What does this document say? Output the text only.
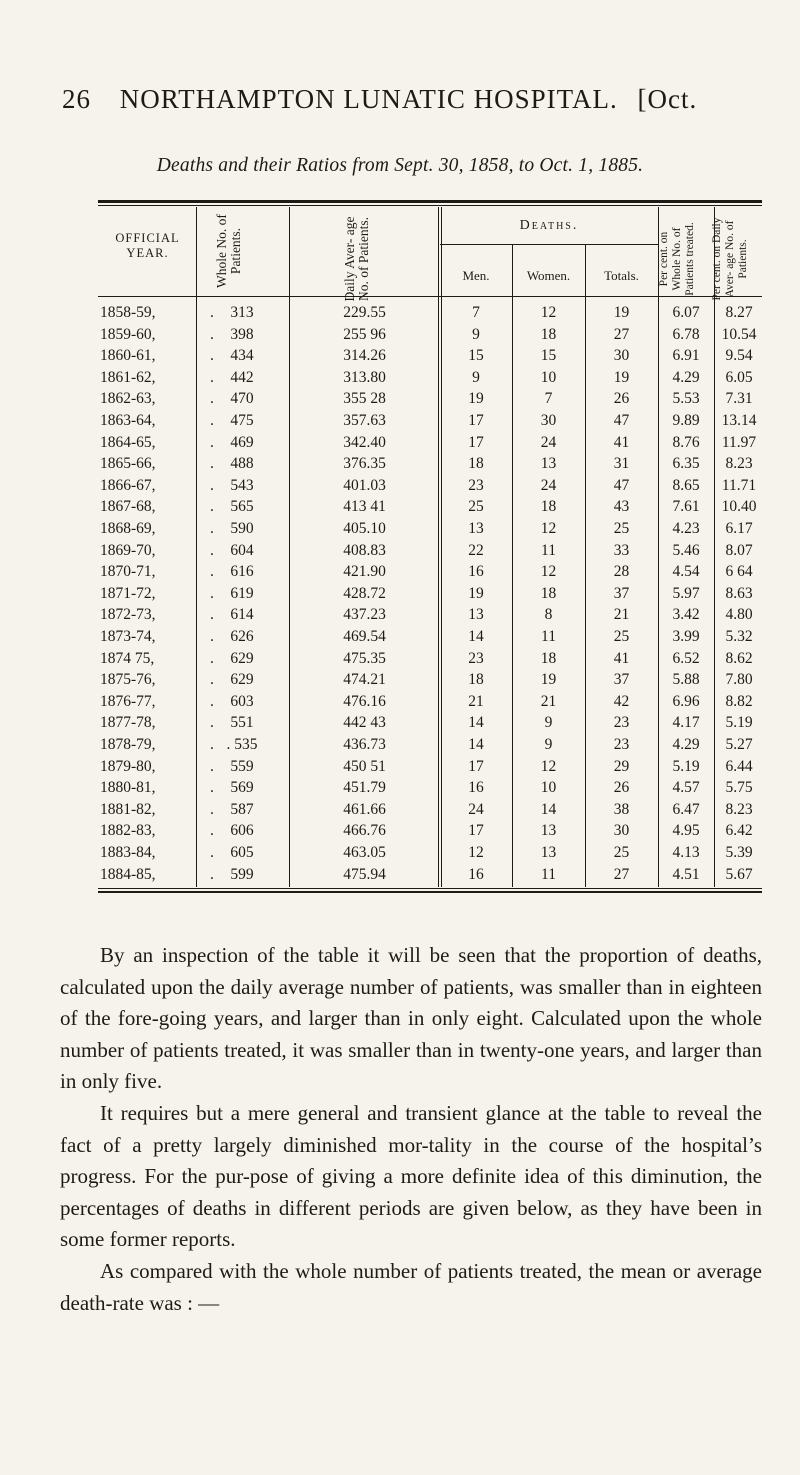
26 NORTHAMPTON LUNATIC HOSPITAL. [Oct.
Deaths and their Ratios from Sept. 30, 1858, to Oct. 1, 1885.
OFFICIAL YEAR.	Whole No. of Patients.	Daily Aver- age No. of Patients.	Deaths.
Men.	Women.	Totals.	Per cent. on Whole No. of Patients treated.	Per cent. on Daily Aver- age No. of Patients.
1858-59,	.	313	229.55	7	12	19	6.07	8.27
1859-60,	.	398	255 96	9	18	27	6.78	10.54
1860-61,	.	434	314.26	15	15	30	6.91	9.54
1861-62,	.	442	313.80	9	10	19	4.29	6.05
1862-63,	.	470	355 28	19	7	26	5.53	7.31
1863-64,	.	475	357.63	17	30	47	9.89	13.14
1864-65,	.	469	342.40	17	24	41	8.76	11.97
1865-66,	.	488	376.35	18	13	31	6.35	8.23
1866-67,	.	543	401.03	23	24	47	8.65	11.71
1867-68,	.	565	413 41	25	18	43	7.61	10.40
1868-69,	.	590	405.10	13	12	25	4.23	6.17
1869-70,	.	604	408.83	22	11	33	5.46	8.07
1870-71,	.	616	421.90	16	12	28	4.54	6 64
1871-72,	.	619	428.72	19	18	37	5.97	8.63
1872-73,	.	614	437.23	13	8	21	3.42	4.80
1873-74,	.	626	469.54	14	11	25	3.99	5.32
1874 75,	.	629	475.35	23	18	41	6.52	8.62
1875-76,	.	629	474.21	18	19	37	5.88	7.80
1876-77,	.	603	476.16	21	21	42	6.96	8.82
1877-78,	.	551	442 43	14	9	23	4.17	5.19
1878-79,	. . 535	436.73	14	9	23	4.29	5.27
1879-80,	.	559	450 51	17	12	29	5.19	6.44
1880-81,	.	569	451.79	16	10	26	4.57	5.75
1881-82,	.	587	461.66	24	14	38	6.47	8.23
1882-83,	.	606	466.76	17	13	30	4.95	6.42
1883-84,	.	605	463.05	12	13	25	4.13	5.39
1884-85,	.	599	475.94	16	11	27	4.51	5.67

By an inspection of the table it will be seen that the proportion of deaths, calculated upon the daily average number of patients, was smaller than in eighteen of the fore-going years, and larger than in only eight. Calculated upon the whole number of patients treated, it was smaller than in twenty-one years, and larger than in only five.

It requires but a mere general and transient glance at the table to reveal the fact of a pretty largely diminished mor-tality in the course of the hospital’s progress. For the pur-pose of giving a more definite idea of this diminution, the percentages of deaths in different periods are given below, as they have been in some former reports.

As compared with the whole number of patients treated, the mean or average death-rate was : —
